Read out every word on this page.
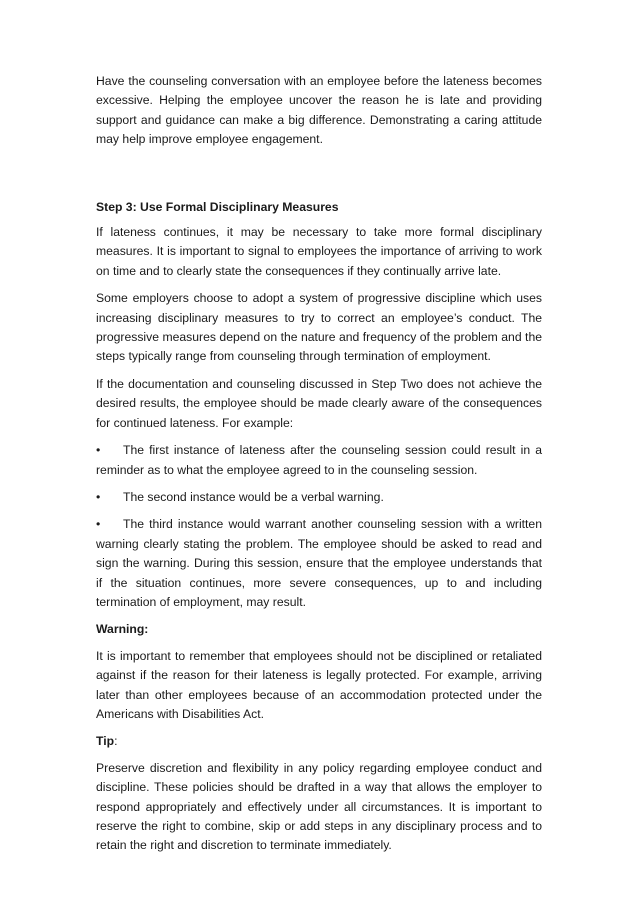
Have the counseling conversation with an employee before the lateness becomes excessive. Helping the employee uncover the reason he is late and providing support and guidance can make a big difference. Demonstrating a caring attitude may help improve employee engagement.

Step 3: Use Formal Disciplinary Measures

If lateness continues, it may be necessary to take more formal disciplinary measures. It is important to signal to employees the importance of arriving to work on time and to clearly state the consequences if they continually arrive late.

Some employers choose to adopt a system of progressive discipline which uses increasing disciplinary measures to try to correct an employee’s conduct. The progressive measures depend on the nature and frequency of the problem and the steps typically range from counseling through termination of employment.

If the documentation and counseling discussed in Step Two does not achieve the desired results, the employee should be made clearly aware of the consequences for continued lateness. For example:

• The first instance of lateness after the counseling session could result in a reminder as to what the employee agreed to in the counseling session.
• The second instance would be a verbal warning.
• The third instance would warrant another counseling session with a written warning clearly stating the problem. The employee should be asked to read and sign the warning. During this session, ensure that the employee understands that if the situation continues, more severe consequences, up to and including termination of employment, may result.

Warning:

It is important to remember that employees should not be disciplined or retaliated against if the reason for their lateness is legally protected. For example, arriving later than other employees because of an accommodation protected under the Americans with Disabilities Act.

Tip:

Preserve discretion and flexibility in any policy regarding employee conduct and discipline. These policies should be drafted in a way that allows the employer to respond appropriately and effectively under all circumstances. It is important to reserve the right to combine, skip or add steps in any disciplinary process and to retain the right and discretion to terminate immediately.
